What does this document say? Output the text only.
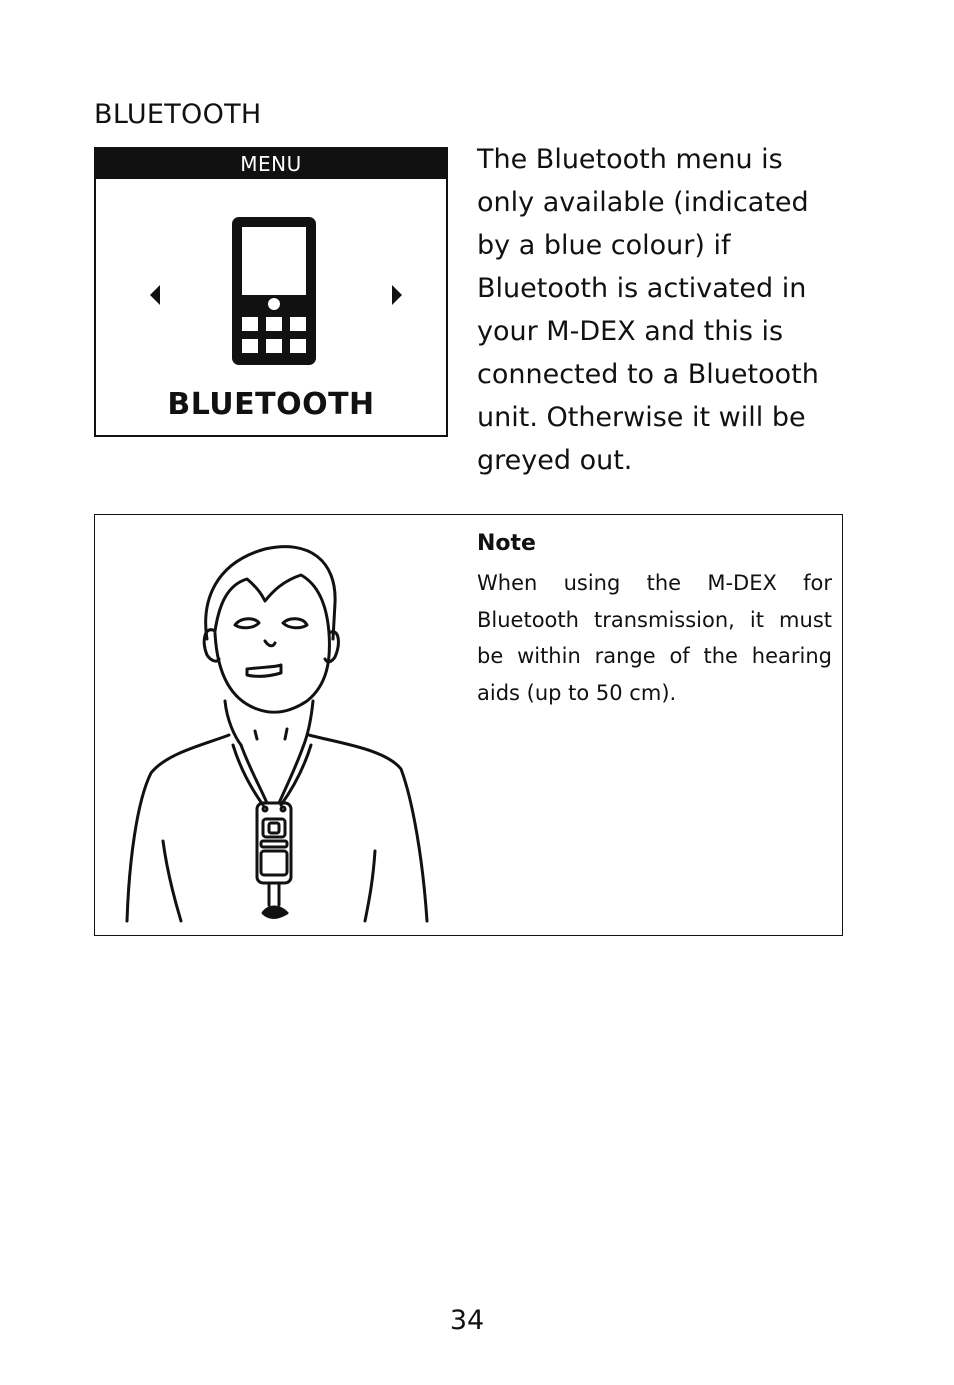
BLUETOOTH
MENU
BLUETOOTH

The Bluetooth menu is only available (indicated by a blue colour) if Bluetooth is activated in your M-DEX and this is connected to a Bluetooth unit. Otherwise it will be greyed out.

Note

When using the M-DEX for Bluetooth transmission, it must be within range of the hearing aids (up to 50 cm).

34
